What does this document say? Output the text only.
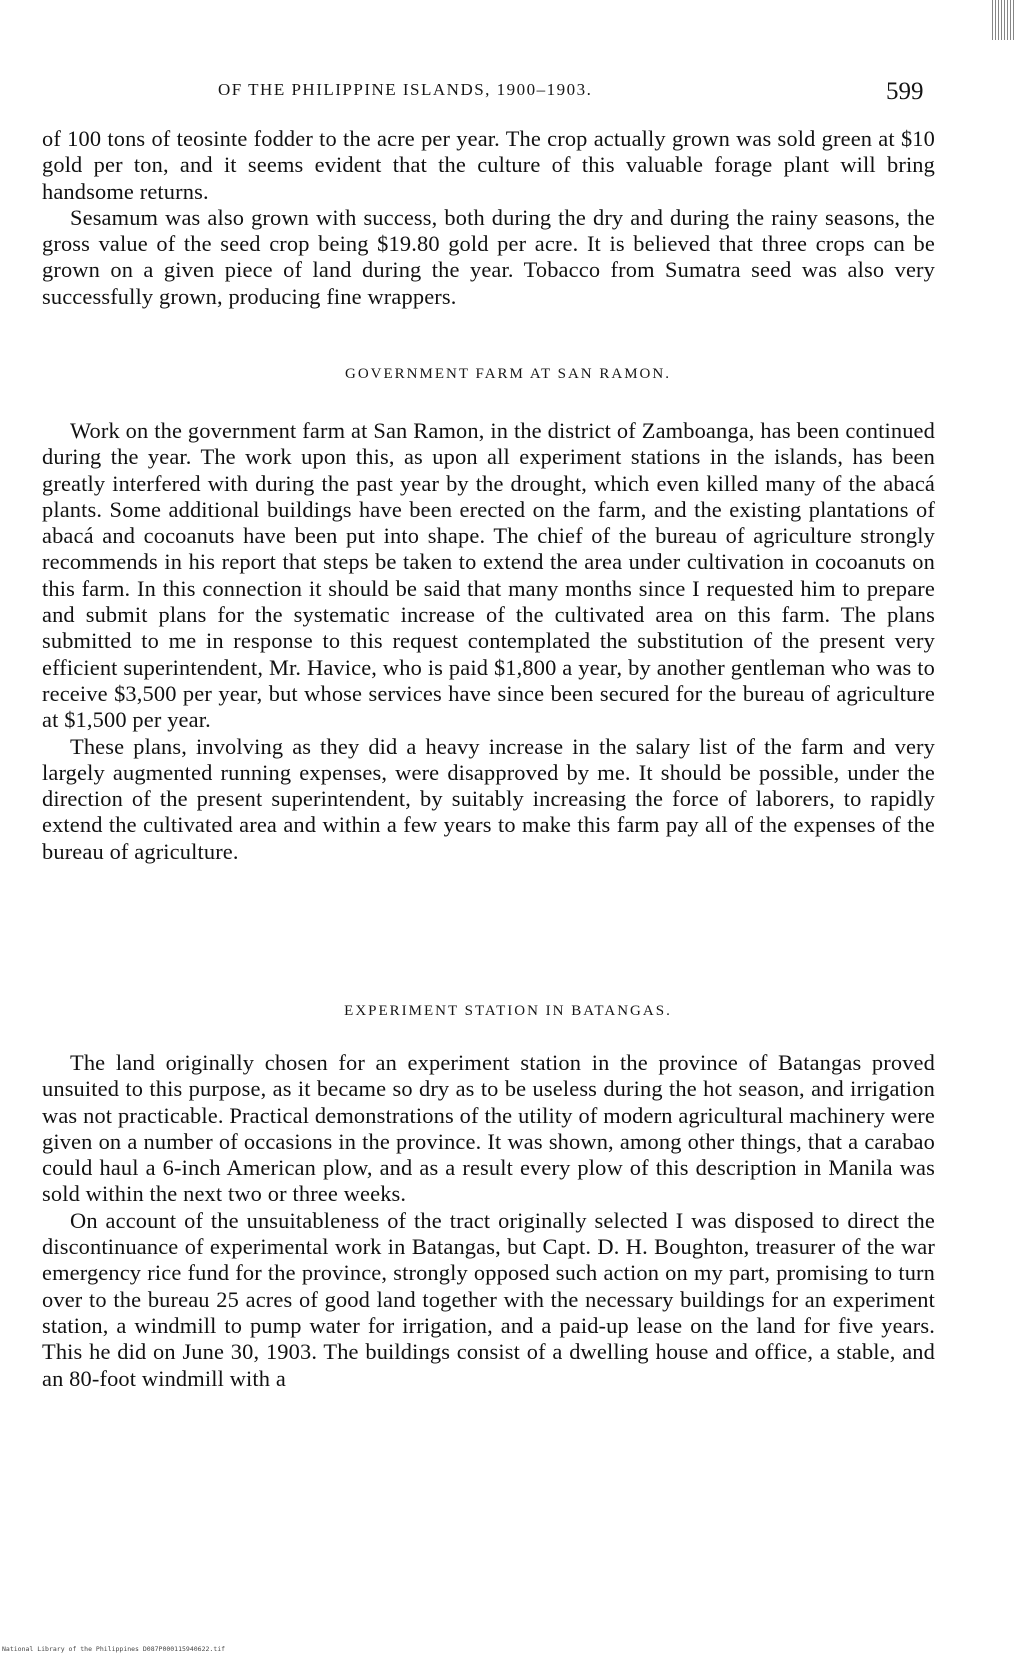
OF THE PHILIPPINE ISLANDS, 1900–1903.	599

of 100 tons of teosinte fodder to the acre per year. The crop actually grown was sold green at $10 gold per ton, and it seems evident that the culture of this valuable forage plant will bring handsome returns.

Sesamum was also grown with success, both during the dry and during the rainy seasons, the gross value of the seed crop being $19.80 gold per acre. It is believed that three crops can be grown on a given piece of land during the year. Tobacco from Sumatra seed was also very successfully grown, producing fine wrappers.

GOVERNMENT FARM AT SAN RAMON.

Work on the government farm at San Ramon, in the district of Zamboanga, has been continued during the year. The work upon this, as upon all experiment stations in the islands, has been greatly interfered with during the past year by the drought, which even killed many of the abacá plants. Some additional buildings have been erected on the farm, and the existing plantations of abacá and cocoanuts have been put into shape. The chief of the bureau of agriculture strongly recommends in his report that steps be taken to extend the area under cultivation in cocoanuts on this farm. In this connection it should be said that many months since I requested him to prepare and submit plans for the systematic increase of the cultivated area on this farm. The plans submitted to me in response to this request contemplated the substitution of the present very efficient superintendent, Mr. Havice, who is paid $1,800 a year, by another gentleman who was to receive $3,500 per year, but whose services have since been secured for the bureau of agriculture at $1,500 per year.

These plans, involving as they did a heavy increase in the salary list of the farm and very largely augmented running expenses, were disapproved by me. It should be possible, under the direction of the present superintendent, by suitably increasing the force of laborers, to rapidly extend the cultivated area and within a few years to make this farm pay all of the expenses of the bureau of agriculture.

EXPERIMENT STATION IN BATANGAS.

The land originally chosen for an experiment station in the province of Batangas proved unsuited to this purpose, as it became so dry as to be useless during the hot season, and irrigation was not practicable. Practical demonstrations of the utility of modern agricultural machinery were given on a number of occasions in the province. It was shown, among other things, that a carabao could haul a 6-inch American plow, and as a result every plow of this description in Manila was sold within the next two or three weeks.

On account of the unsuitableness of the tract originally selected I was disposed to direct the discontinuance of experimental work in Batangas, but Capt. D. H. Boughton, treasurer of the war emergency rice fund for the province, strongly opposed such action on my part, promising to turn over to the bureau 25 acres of good land together with the necessary buildings for an experiment station, a windmill to pump water for irrigation, and a paid-up lease on the land for five years. This he did on June 30, 1903. The buildings consist of a dwelling house and office, a stable, and an 80-foot windmill with a

National Library of the Philippines D087P000115940622.tif
